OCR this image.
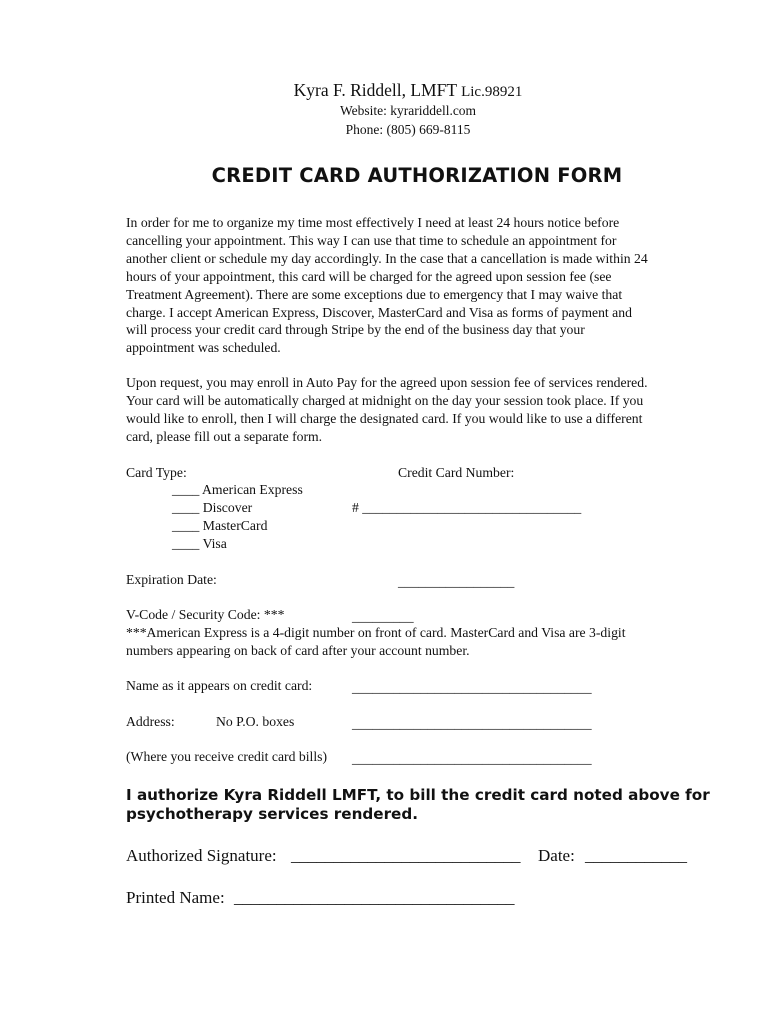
Kyra F. Riddell, LMFT Lic.98921
Website: kyrariddell.com
Phone: (805) 669-8115
CREDIT CARD AUTHORIZATION FORM
In order for me to organize my time most effectively I need at least 24 hours notice before
cancelling your appointment. This way I can use that time to schedule an appointment for
another client or schedule my day accordingly. In the case that a cancellation is made within 24
hours of your appointment, this card will be charged for the agreed upon session fee (see
Treatment Agreement). There are some exceptions due to emergency that I may waive that
charge. I accept American Express, Discover, MasterCard and Visa as forms of payment and
will process your credit card through Stripe by the end of the business day that your
appointment was scheduled.
Upon request, you may enroll in Auto Pay for the agreed upon session fee of services rendered.
Your card will be automatically charged at midnight on the day your session took place. If you
would like to enroll, then I will charge the designated card. If you would like to use a different
card, please fill out a separate form.
Card Type:
____ American Express
____ Discover
____ MasterCard
____ Visa
Credit Card Number:
# ________________________________
Expiration Date:	_________________
V-Code / Security Code: ***	_________
***American Express is a 4-digit number on front of card. MasterCard and Visa are 3-digit
numbers appearing on back of card after your account number.
Name as it appears on credit card:	___________________________________
Address:	No P.O. boxes	___________________________________
(Where you receive credit card bills) ___________________________________
I authorize Kyra Riddell LMFT, to bill the credit card noted above for psychotherapy services rendered.
Authorized Signature: ___________________________ Date: ____________
Printed Name: _________________________________
